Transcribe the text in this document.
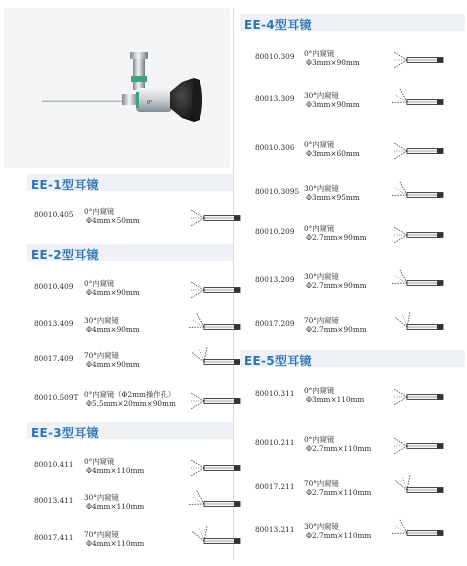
0°
EE-1型耳镜
80010.405 0°内窥镜
Φ4mm×50mm
EE-2型耳镜
80010.409 0°内窥镜
Φ4mm×90mm
80013.409 30°内窥镜
Φ4mm×90mm
80017.409 70°内窥镜
Φ4mm×90mm
80010.509T 0°内窥镜（Φ2mm操作孔）
Φ5.5mm×20mm×90mm
EE-3型耳镜
80010.411 0°内窥镜
Φ4mm×110mm
80013.411 30°内窥镜
Φ4mm×110mm
80017.411 70°内窥镜
Φ4mm×110mm
EE-4型耳镜
80010.309 0°内窥镜
Φ3mm×90mm
80013.309 30°内窥镜
Φ3mm×90mm
80010.306 0°内窥镜
Φ3mm×60mm
80010.3095 30°内窥镜
Φ3mm×95mm
80010.209 0°内窥镜
Φ2.7mm×90mm
80013.209 30°内窥镜
Φ2.7mm×90mm
80017.209 70°内窥镜
Φ2.7mm×90mm
EE-5型耳镜
80010.311 0°内窥镜
Φ3mm×110mm
80010.211 0°内窥镜
Φ2.7mm×110mm
80017.211 70°内窥镜
Φ2.7mm×110mm
80013.211 30°内窥镜
Φ2.7mm×110mm
